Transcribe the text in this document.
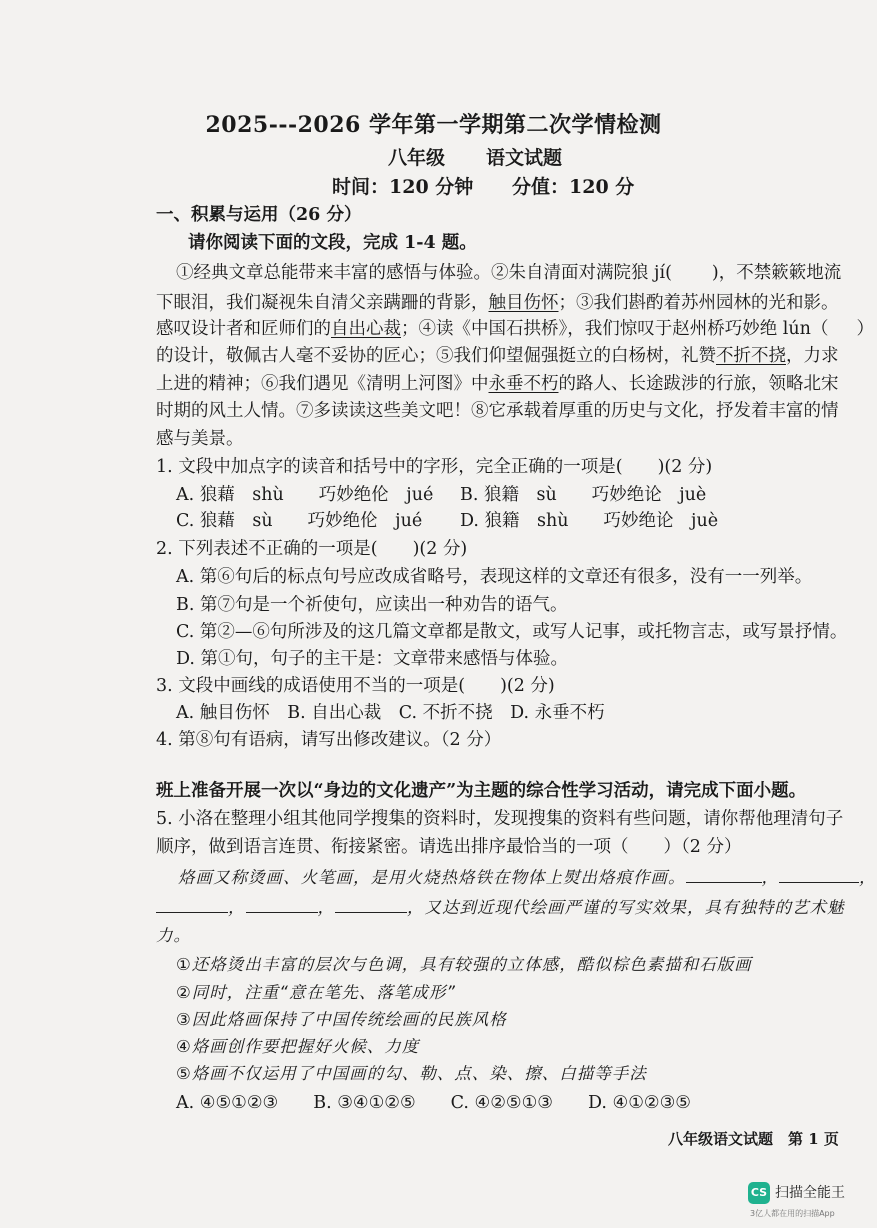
2025---2026 学年第一学期第二次学情检测
八年级 语文试题
时间：120 分钟 分值：120 分
一、积累与运用（26 分）
请你阅读下面的文段，完成 1-4 题。
①经典文章总能带来丰富的感悟与体验。②朱自清面对满院狼 jí( )，不禁簌簌地流
下眼泪，我们凝视朱自清父亲蹒跚的背影，触目伤怀；③我们斟酌着苏州园林的光和影。
感叹设计者和匠师们的自出心裁；④读《中国石拱桥》，我们惊叹于赵州桥巧妙绝 lún（ ）
的设计，敬佩古人毫不妥协的匠心；⑤我们仰望倔强挺立的白杨树，礼赞不折不挠，力求
上进的精神；⑥我们遇见《清明上河图》中永垂不朽的路人、长途跋涉的行旅，领略北宋
时期的风土人情。⑦多读读这些美文吧！⑧它承载着厚重的历史与文化，抒发着丰富的情
感与美景。
1. 文段中加点字的读音和括号中的字形，完全正确的一项是(　　)(2 分)
A. 狼藉　shù　　巧妙绝伦　jué B. 狼籍　sù　　巧妙绝论　juè
C. 狼藉　sù　　巧妙绝伦　jué D. 狼籍　shù　　巧妙绝论　juè
2. 下列表述不正确的一项是(　　)(2 分)
A. 第⑥句后的标点句号应改成省略号，表现这样的文章还有很多，没有一一列举。
B. 第⑦句是一个祈使句，应读出一种劝告的语气。
C. 第②—⑥句所涉及的这几篇文章都是散文，或写人记事，或托物言志，或写景抒情。
D. 第①句，句子的主干是：文章带来感悟与体验。
3. 文段中画线的成语使用不当的一项是(　　)(2 分)
A. 触目伤怀　B. 自出心裁　C. 不折不挠　D. 永垂不朽
4. 第⑧句有语病，请写出修改建议。（2 分）
班上准备开展一次以“身边的文化遗产”为主题的综合性学习活动，请完成下面小题。
5. 小洛在整理小组其他同学搜集的资料时，发现搜集的资料有些问题，请你帮他理清句子
顺序，做到语言连贯、衔接紧密。请选出排序最恰当的一项（　　）（2 分）
烙画又称烫画、火笔画，是用火烧热烙铁在物体上熨出烙痕作画。	，	，
，	，	，又达到近现代绘画严谨的写实效果，具有独特的艺术魅
力。
①还烙烫出丰富的层次与色调，具有较强的立体感，酷似棕色素描和石版画
②同时，注重“意在笔先、落笔成形”
③因此烙画保持了中国传统绘画的民族风格
④烙画创作要把握好火候、力度
⑤烙画不仅运用了中国画的勾、勒、点、染、擦、白描等手法
A. ④⑤①②③　　B. ③④①②⑤　　C. ④②⑤①③　　D. ④①②③⑤
八年级语文试题　第 1 页
CS 扫描全能王
3亿人都在用的扫描App
